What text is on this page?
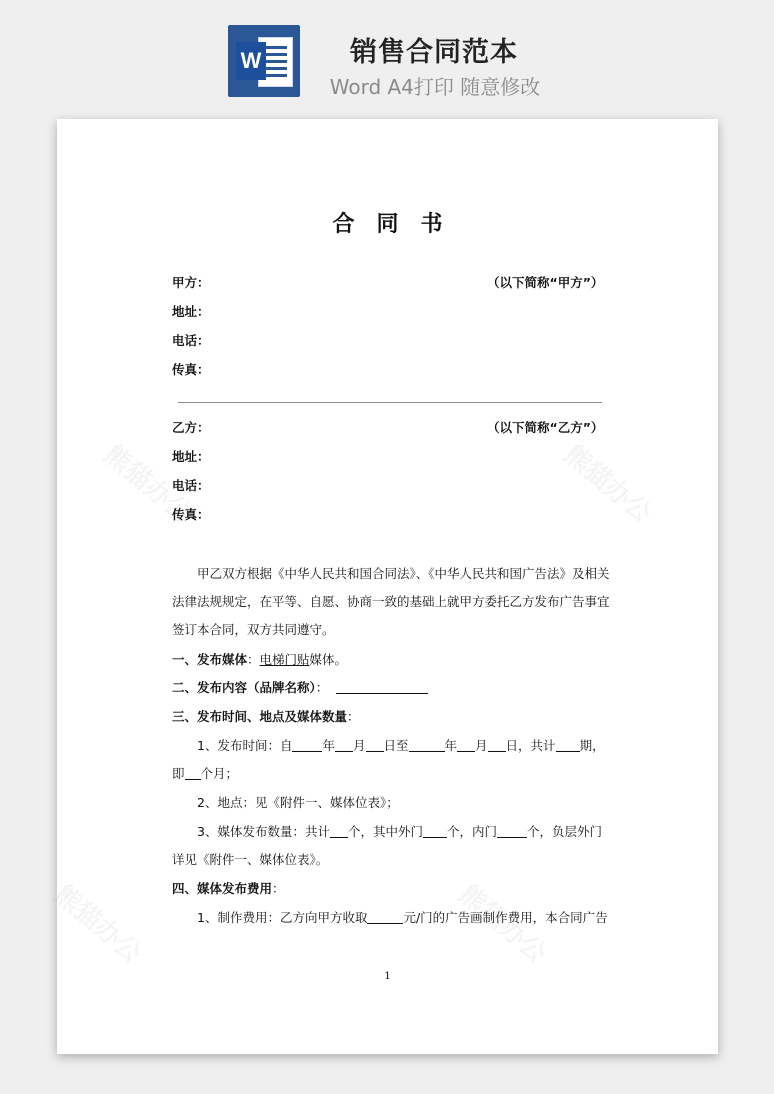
W	销售合同范本
Word A4打印 随意修改
合同书
甲方：	（以下简称“甲方”）
地址：
电话：
传真：
乙方：	（以下简称“乙方”）
地址：
电话：
传真：
甲乙双方根据《中华人民共和国合同法》、《中华人民共和国广告法》及相关
法律法规规定，在平等、自愿、协商一致的基础上就甲方委托乙方发布广告事宜
签订本合同，双方共同遵守。
一、发布媒体：电梯门贴媒体。
二、发布内容（品牌名称）：
三、发布时间、地点及媒体数量：
1、发布时间：自 年 月 日至	年 月 日，共计 期，
即 个月；
2、地点：见《附件一、媒体位表》；
3、媒体发布数量：共计 个，其中外门 个，内门 个，负层外门
详见《附件一、媒体位表》。
四、媒体发布费用：
1、制作费用：乙方向甲方收取	元/门的广告画制作费用，本合同广告
1
